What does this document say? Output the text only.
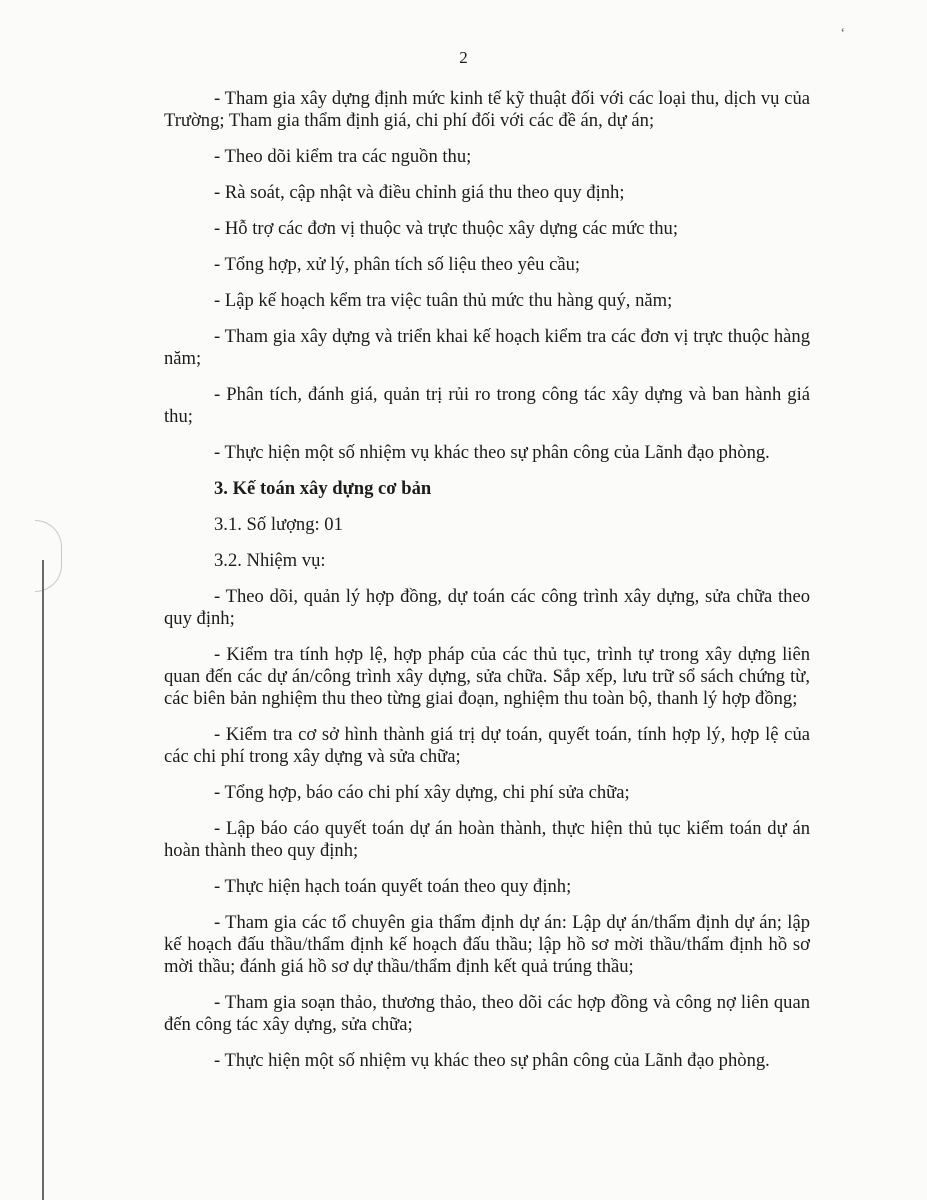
ʻ
2

- Tham gia xây dựng định mức kinh tế kỹ thuật đối với các loại thu, dịch vụ của Trường; Tham gia thẩm định giá, chi phí đối với các đề án, dự án;

- Theo dõi kiểm tra các nguồn thu;

- Rà soát, cập nhật và điều chỉnh giá thu theo quy định;

- Hỗ trợ các đơn vị thuộc và trực thuộc xây dựng các mức thu;

- Tổng hợp, xử lý, phân tích số liệu theo yêu cầu;

- Lập kế hoạch kểm tra việc tuân thủ mức thu hàng quý, năm;

- Tham gia xây dựng và triển khai kế hoạch kiểm tra các đơn vị trực thuộc hàng năm;

- Phân tích, đánh giá, quản trị rủi ro trong công tác xây dựng và ban hành giá thu;

- Thực hiện một số nhiệm vụ khác theo sự phân công của Lãnh đạo phòng.

3. Kế toán xây dựng cơ bản

3.1. Số lượng: 01

3.2. Nhiệm vụ:

- Theo dõi, quản lý hợp đồng, dự toán các công trình xây dựng, sửa chữa theo quy định;

- Kiểm tra tính hợp lệ, hợp pháp của các thủ tục, trình tự trong xây dựng liên quan đến các dự án/công trình xây dựng, sửa chữa. Sắp xếp, lưu trữ sổ sách chứng từ, các biên bản nghiệm thu theo từng giai đoạn, nghiệm thu toàn bộ, thanh lý hợp đồng;

- Kiểm tra cơ sở hình thành giá trị dự toán, quyết toán, tính hợp lý, hợp lệ của các chi phí trong xây dựng và sửa chữa;

- Tổng hợp, báo cáo chi phí xây dựng, chi phí sửa chữa;

- Lập báo cáo quyết toán dự án hoàn thành, thực hiện thủ tục kiểm toán dự án hoàn thành theo quy định;

- Thực hiện hạch toán quyết toán theo quy định;

- Tham gia các tổ chuyên gia thẩm định dự án: Lập dự án/thẩm định dự án; lập kế hoạch đấu thầu/thẩm định kế hoạch đấu thầu; lập hồ sơ mời thầu/thẩm định hồ sơ mời thầu; đánh giá hồ sơ dự thầu/thẩm định kết quả trúng thầu;

- Tham gia soạn thảo, thương thảo, theo dõi các hợp đồng và công nợ liên quan đến công tác xây dựng, sửa chữa;

- Thực hiện một số nhiệm vụ khác theo sự phân công của Lãnh đạo phòng.
